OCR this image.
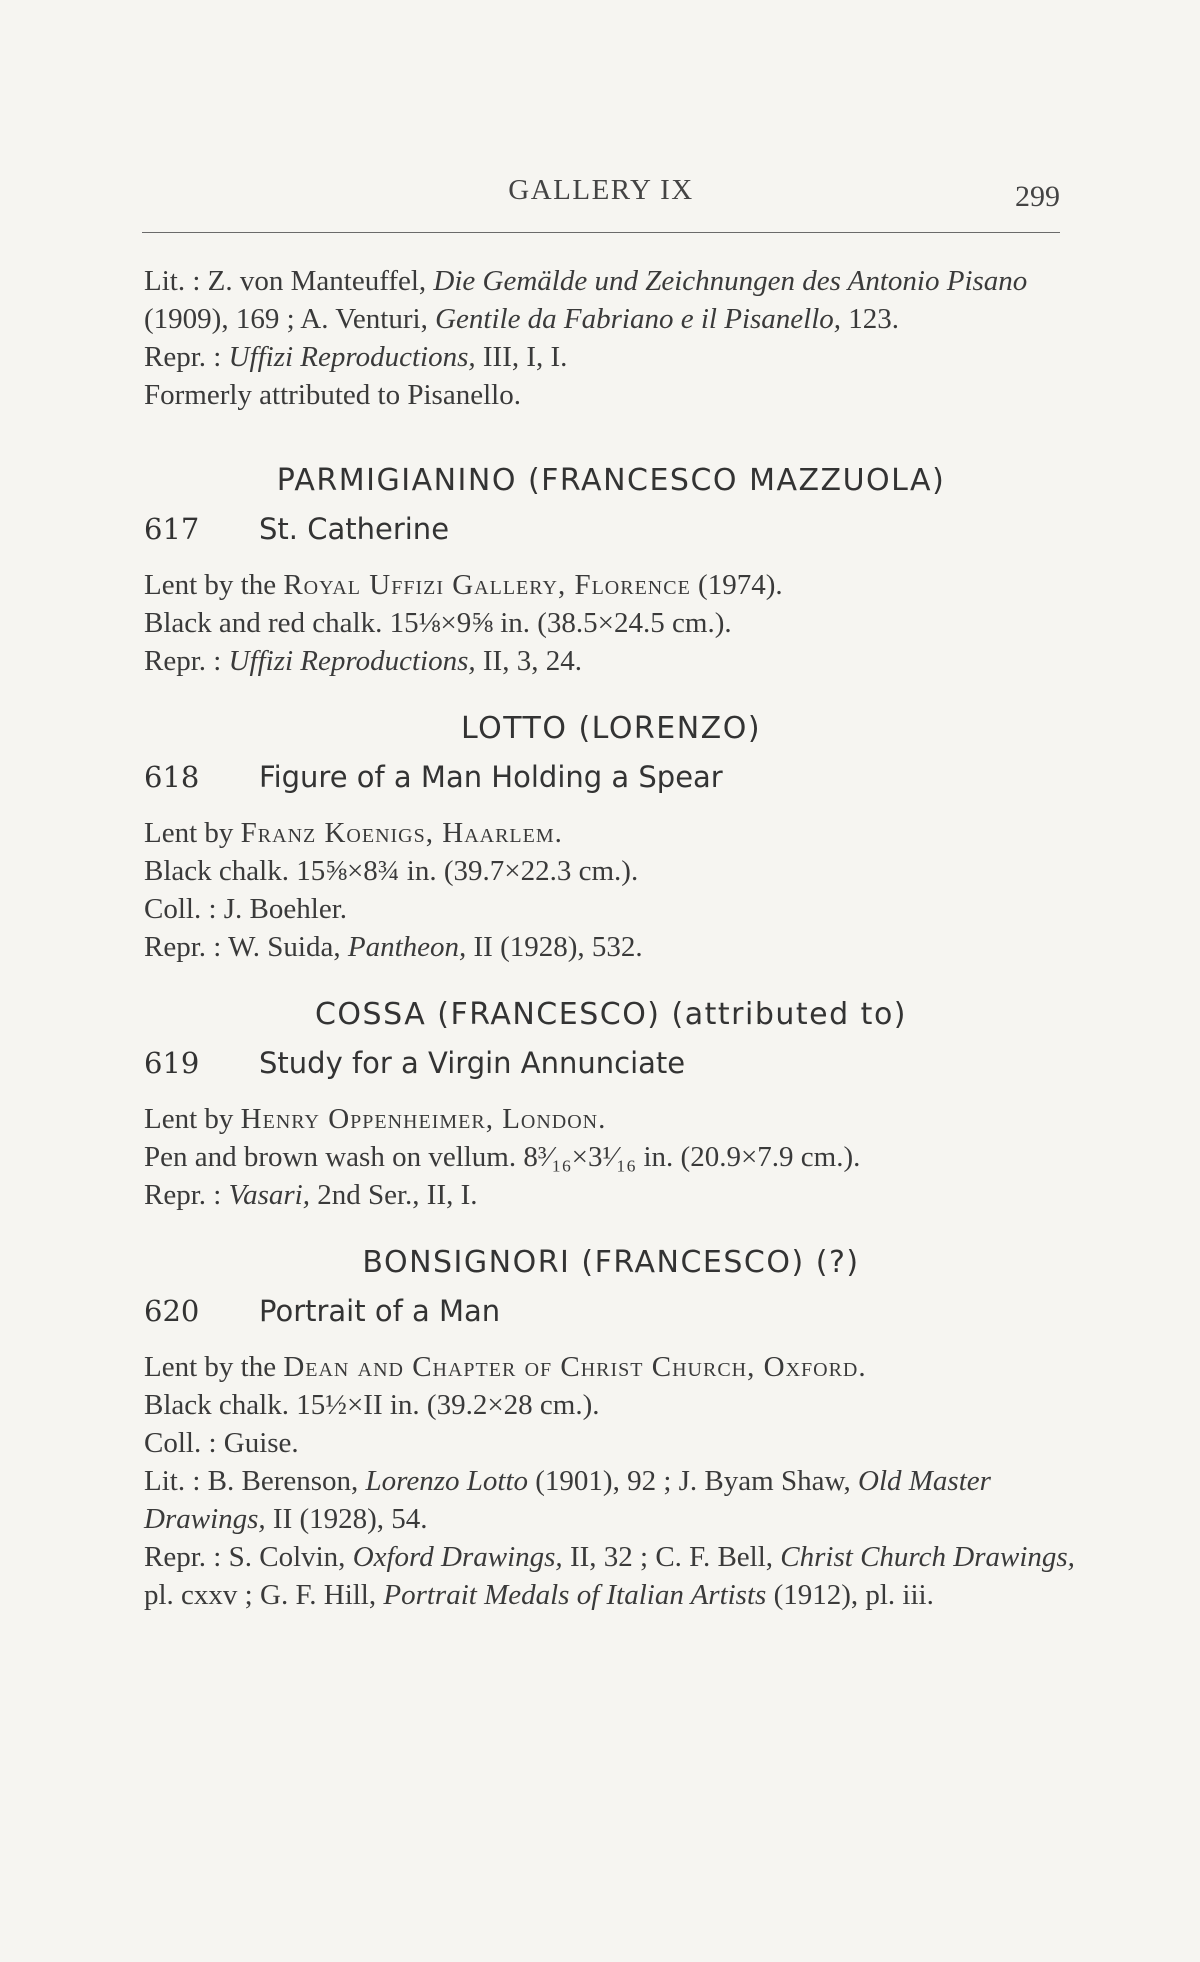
GALLERY IX	299

Lit. : Z. von Manteuffel, Die Gemälde und Zeichnungen des Antonio Pisano (1909), 169 ; A. Venturi, Gentile da Fabriano e il Pisanello, 123.

Repr. : Uffizi Reproductions, III, I, I.

Formerly attributed to Pisanello.

PARMIGIANINO (FRANCESCO MAZZUOLA)
617	St. Catherine

Lent by the Royal Uffizi Gallery, Florence (1974).

Black and red chalk. 15⅛×9⅝ in. (38.5×24.5 cm.).

Repr. : Uffizi Reproductions, II, 3, 24.

LOTTO (LORENZO)
618	Figure of a Man Holding a Spear

Lent by Franz Koenigs, Haarlem.

Black chalk. 15⅝×8¾ in. (39.7×22.3 cm.).

Coll. : J. Boehler.

Repr. : W. Suida, Pantheon, II (1928), 532.

COSSA (FRANCESCO) (attributed to)
619	Study for a Virgin Annunciate

Lent by Henry Oppenheimer, London.

Pen and brown wash on vellum. 8³⁄₁₆×3¹⁄₁₆ in. (20.9×7.9 cm.).

Repr. : Vasari, 2nd Ser., II, I.

BONSIGNORI (FRANCESCO) (?)
620	Portrait of a Man

Lent by the Dean and Chapter of Christ Church, Oxford.

Black chalk. 15½×II in. (39.2×28 cm.).

Coll. : Guise.

Lit. : B. Berenson, Lorenzo Lotto (1901), 92 ; J. Byam Shaw, Old Master Drawings, II (1928), 54.

Repr. : S. Colvin, Oxford Drawings, II, 32 ; C. F. Bell, Christ Church Drawings, pl. cxxv ; G. F. Hill, Portrait Medals of Italian Artists (1912), pl. iii.
